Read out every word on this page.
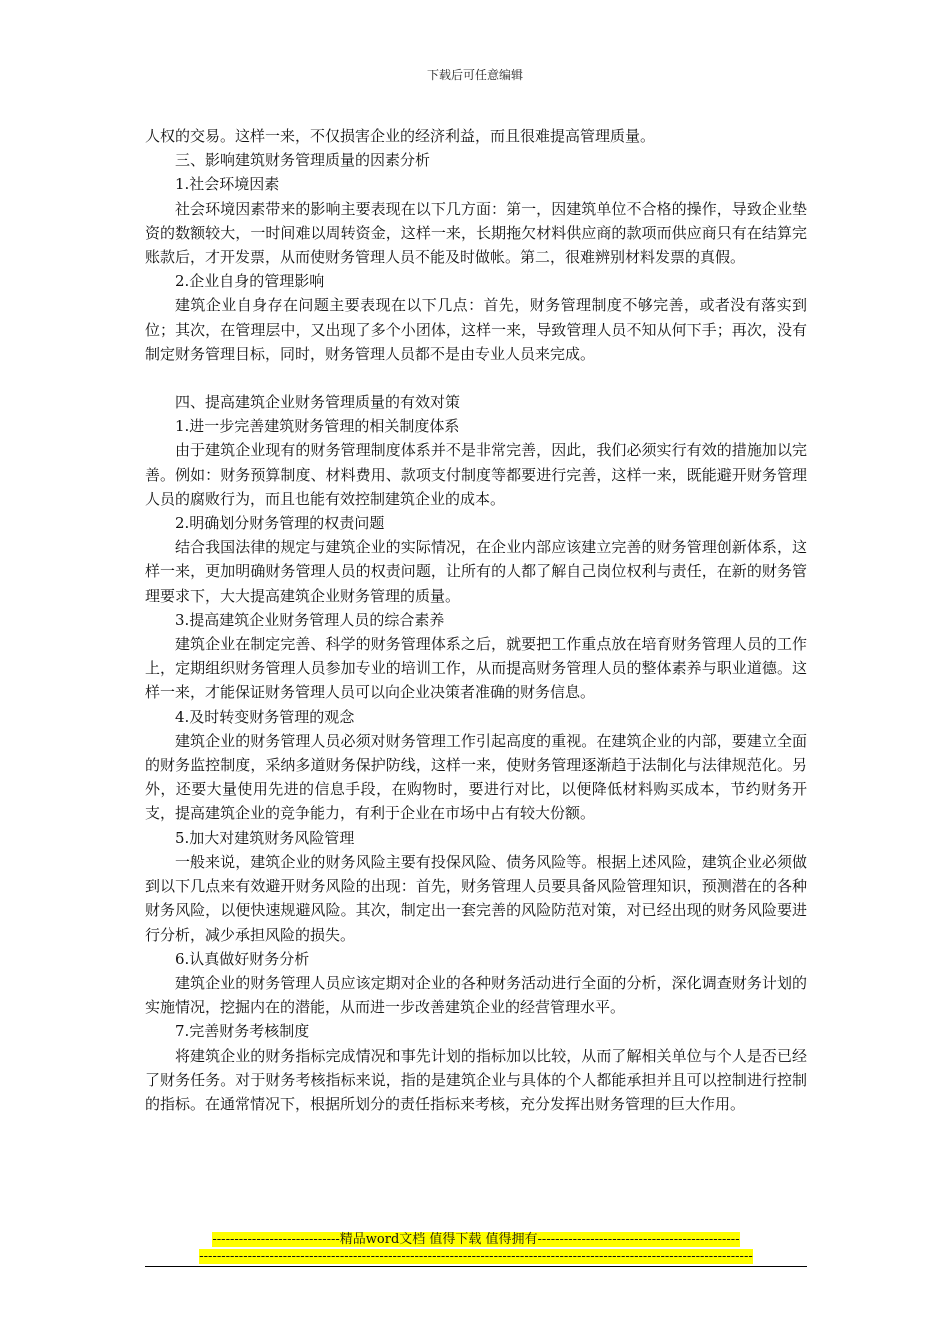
下载后可任意编辑
人权的交易。这样一来，不仅损害企业的经济利益，而且很难提高管理质量。
三、影响建筑财务管理质量的因素分析
1.社会环境因素
社会环境因素带来的影响主要表现在以下几方面：第一，因建筑单位不合格的操作，导致企业垫资的数额较大，一时间难以周转资金，这样一来，长期拖欠材料供应商的款项而供应商只有在结算完账款后，才开发票，从而使财务管理人员不能及时做帐。第二，很难辨别材料发票的真假。
2.企业自身的管理影响
建筑企业自身存在问题主要表现在以下几点：首先，财务管理制度不够完善，或者没有落实到位；其次，在管理层中，又出现了多个小团体，这样一来，导致管理人员不知从何下手；再次，没有制定财务管理目标，同时，财务管理人员都不是由专业人员来完成。
四、提高建筑企业财务管理质量的有效对策
1.进一步完善建筑财务管理的相关制度体系
由于建筑企业现有的财务管理制度体系并不是非常完善，因此，我们必须实行有效的措施加以完善。例如：财务预算制度、材料费用、款项支付制度等都要进行完善，这样一来，既能避开财务管理人员的腐败行为，而且也能有效控制建筑企业的成本。
2.明确划分财务管理的权责问题
结合我国法律的规定与建筑企业的实际情况，在企业内部应该建立完善的财务管理创新体系，这样一来，更加明确财务管理人员的权责问题，让所有的人都了解自己岗位权利与责任，在新的财务管理要求下，大大提高建筑企业财务管理的质量。
3.提高建筑企业财务管理人员的综合素养
建筑企业在制定完善、科学的财务管理体系之后，就要把工作重点放在培育财务管理人员的工作上，定期组织财务管理人员参加专业的培训工作，从而提高财务管理人员的整体素养与职业道德。这样一来，才能保证财务管理人员可以向企业决策者准确的财务信息。
4.及时转变财务管理的观念
建筑企业的财务管理人员必须对财务管理工作引起高度的重视。在建筑企业的内部，要建立全面的财务监控制度，采纳多道财务保护防线，这样一来，使财务管理逐渐趋于法制化与法律规范化。另外，还要大量使用先进的信息手段，在购物时，要进行对比，以便降低材料购买成本，节约财务开支，提高建筑企业的竞争能力，有利于企业在市场中占有较大份额。
5.加大对建筑财务风险管理
一般来说，建筑企业的财务风险主要有投保风险、债务风险等。根据上述风险，建筑企业必须做到以下几点来有效避开财务风险的出现：首先，财务管理人员要具备风险管理知识，预测潜在的各种财务风险，以便快速规避风险。其次，制定出一套完善的风险防范对策，对已经出现的财务风险要进行分析，减少承担风险的损失。
6.认真做好财务分析
建筑企业的财务管理人员应该定期对企业的各种财务活动进行全面的分析，深化调查财务计划的实施情况，挖掘内在的潜能，从而进一步改善建筑企业的经营管理水平。
7.完善财务考核制度
将建筑企业的财务指标完成情况和事先计划的指标加以比较，从而了解相关单位与个人是否已经了财务任务。对于财务考核指标来说，指的是建筑企业与具体的个人都能承担并且可以控制进行控制的指标。在通常情况下，根据所划分的责任指标来考核，充分发挥出财务管理的巨大作用。
-----------------------------精品word文档 值得下载 值得拥有----------------------------------------------
------------------------------------------------------------------------------------------------------------------------------
